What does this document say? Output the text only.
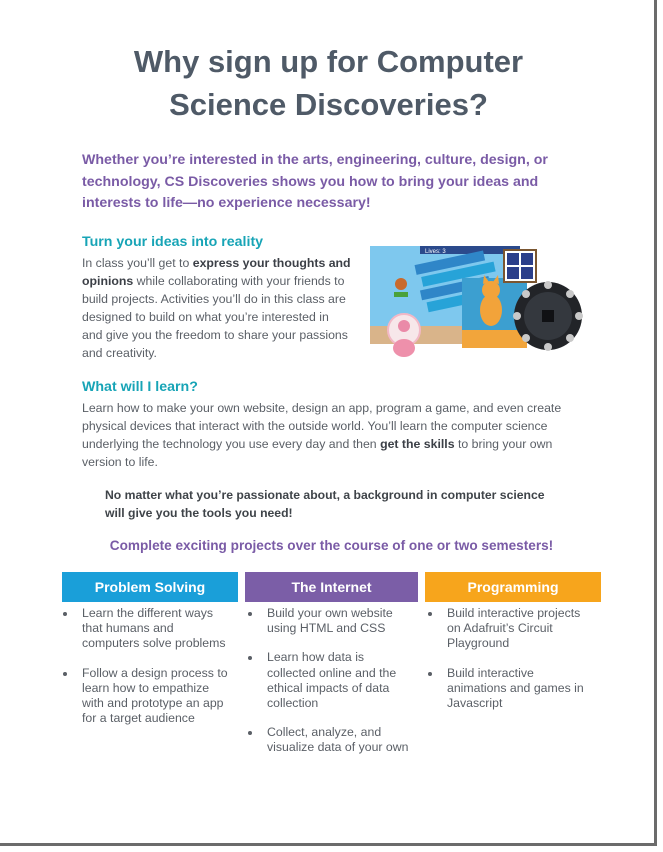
Why sign up for Computer
Science Discoveries?
Whether you’re interested in the arts, engineering, culture, design, or
technology, CS Discoveries shows you how to bring your ideas and
interests to life—no experience necessary!
Turn your ideas into reality
In class you’ll get to express your thoughts and
opinions while collaborating with your friends to
build projects. Activities you’ll do in this class are
designed to build on what you’re interested in
and give you the freedom to share your passions
and creativity.
Lives: 3
What will I learn?
Learn how to make your own website, design an app, program a game, and even create
physical devices that interact with the outside world. You’ll learn the computer science
underlying the technology you use every day and then get the skills to bring your own
version to life.
No matter what you’re passionate about, a background in computer science
will give you the tools you need!
Complete exciting projects over the course of one or two semesters!
Problem Solving	The Internet	Programming
Learn the different ways
that humans and
computers solve problems
Follow a design process to
learn how to empathize
with and prototype an app
for a target audience
Build your own website
using HTML and CSS
Learn how data is
collected online and the
ethical impacts of data
collection
Collect, analyze, and
visualize data of your own
Build interactive projects
on Adafruit’s Circuit
Playground
Build interactive
animations and games in
Javascript
